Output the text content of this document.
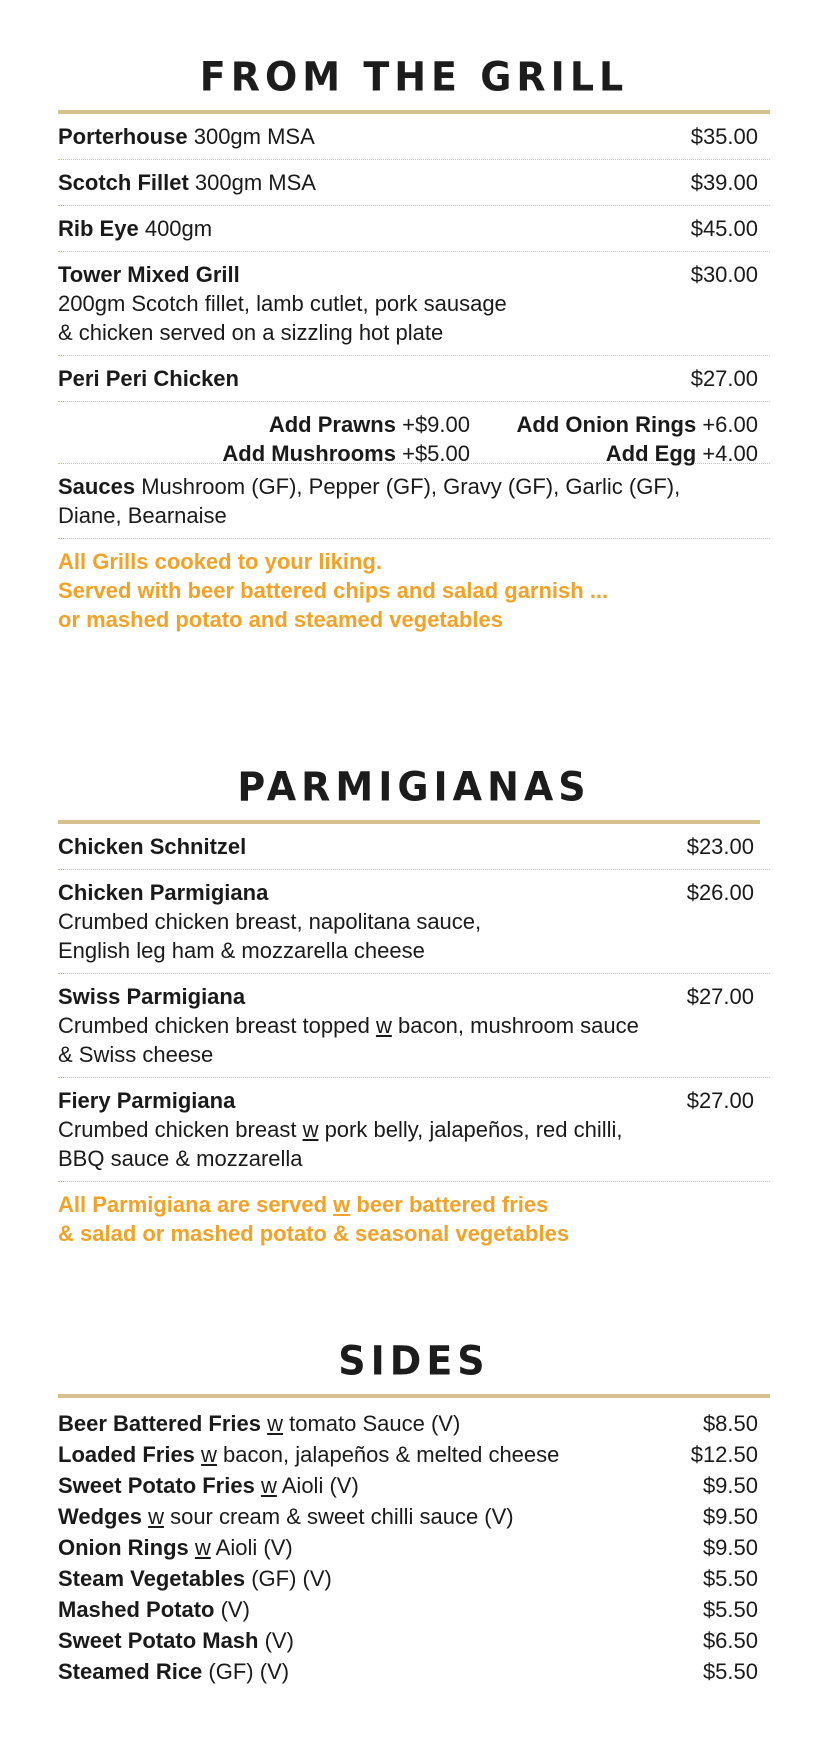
FROM THE GRILL
Porterhouse 300gm MSA	$35.00
Scotch Fillet 300gm MSA	$39.00
Rib Eye 400gm	$45.00
Tower Mixed Grill	$30.00
200gm Scotch fillet, lamb cutlet, pork sausage
& chicken served on a sizzling hot plate
Peri Peri Chicken	$27.00
Add Prawns +$9.00 Add Onion Rings +6.00
Add Mushrooms +$5.00	Add Egg +4.00
Sauces Mushroom (GF), Pepper (GF), Gravy (GF), Garlic (GF),
Diane, Bearnaise
All Grills cooked to your liking.
Served with beer battered chips and salad garnish ...
or mashed potato and steamed vegetables
PARMIGIANAS
Chicken Schnitzel	$23.00
Chicken Parmigiana	$26.00
Crumbed chicken breast, napolitana sauce,
English leg ham & mozzarella cheese
Swiss Parmigiana	$27.00
Crumbed chicken breast topped w bacon, mushroom sauce
& Swiss cheese
Fiery Parmigiana	$27.00
Crumbed chicken breast w pork belly, jalapeños, red chilli,
BBQ sauce & mozzarella
All Parmigiana are served w beer battered fries
& salad or mashed potato & seasonal vegetables
SIDES
Beer Battered Fries w tomato Sauce (V)	$8.50
Loaded Fries w bacon, jalapeños & melted cheese	$12.50
Sweet Potato Fries w Aioli (V)	$9.50
Wedges w sour cream & sweet chilli sauce (V)	$9.50
Onion Rings w Aioli (V)	$9.50
Steam Vegetables (GF) (V)	$5.50
Mashed Potato (V)	$5.50
Sweet Potato Mash (V)	$6.50
Steamed Rice (GF) (V)	$5.50
